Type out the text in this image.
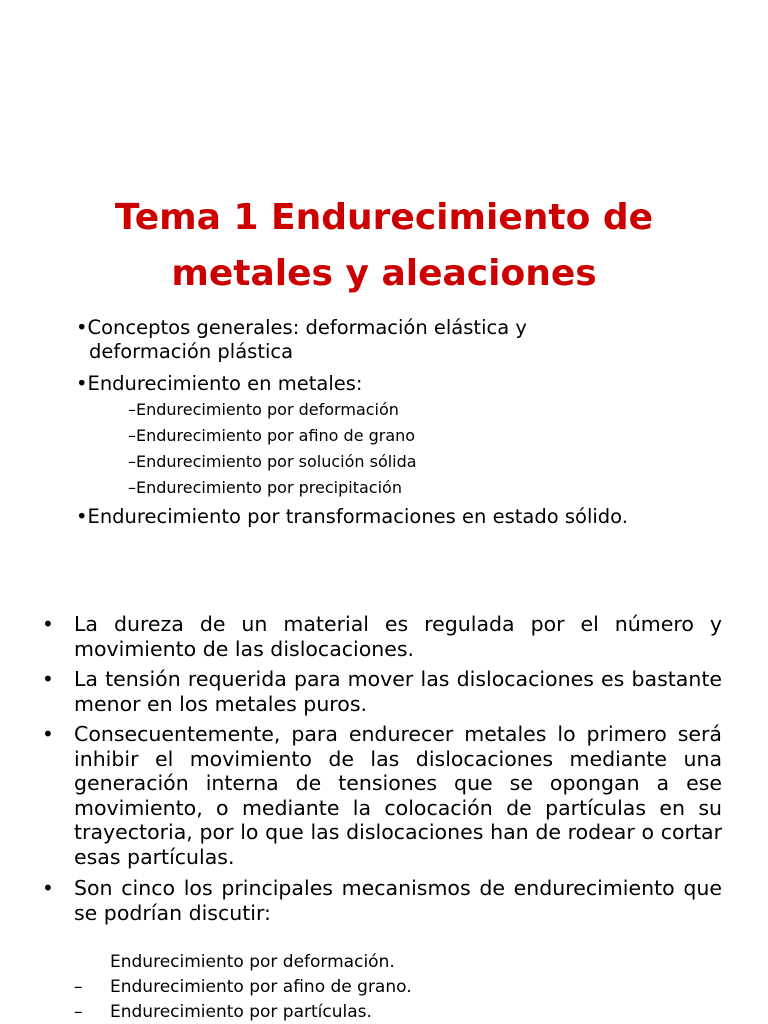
Tema 1 Endurecimiento de
metales y aleaciones
•Conceptos generales: deformación elástica y
deformación plástica
•Endurecimiento en metales:
–Endurecimiento por deformación
–Endurecimiento por afino de grano
–Endurecimiento por solución sólida
–Endurecimiento por precipitación
•Endurecimiento por transformaciones en estado sólido.
• La dureza de un material es regulada por el número y movimiento de las dislocaciones.
• La tensión requerida para mover las dislocaciones es bastante menor en los metales puros.
• Consecuentemente, para endurecer metales lo primero será inhibir el movimiento de las dislocaciones mediante una generación interna de tensiones que se opongan a ese movimiento, o mediante la colocación de partículas en su trayectoria, por lo que las dislocaciones han de rodear o cortar esas partículas.
• Son cinco los principales mecanismos de endurecimiento que se podrían discutir:
Endurecimiento por deformación.
– Endurecimiento por afino de grano.
– Endurecimiento por partículas.
